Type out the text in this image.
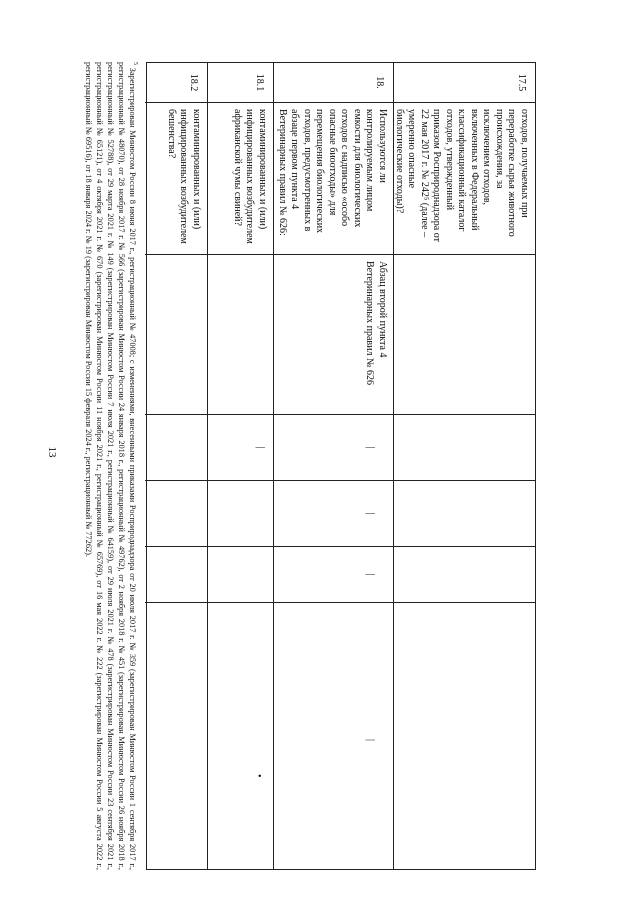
13
17.5
отходов, получаемых при переработке сырья животного происхождения, за исключением отходов, включенных в Федеральный классификационный каталог отходов, утвержденный приказом Росприроднадзора от 22 мая 2017 г. № 242⁵ (далее – умеренно опасные биологические отходы)?
18.
Используются ли контролируемым лицом емкости для биологических отходов с надписью «особо опасные биоотходы» для перемещения биологических отходов, предусмотренных в абзаце первом пункта 4 Ветеринарных правил № 626:
Абзац второй пункта 4 Ветеринарных правил № 626
|
|
|
|
18.1
контаминированных и (или) инфицированных возбудителем африканской чумы свиней?
|
•
18.2
контаминированных и (или) инфицированных возбудителем бешенства?
$^5$ Зарегистрирован Минюстом России 8 июня 2017 г., регистрационный № 47008; с изменениями, внесенными приказами Росприроднадзора от 20 июля 2017 г. № 359 (зарегистрирован Минюстом России 1 сентября 2017 г., регистрационный № 48070), от 28 ноября 2017 г. № 566 (зарегистрирован Минюстом России 24 января 2018 г., регистрационный № 49762), от 2 ноября 2018 г. № 451 (зарегистрирован Минюстом России 26 ноября 2018 г., регистрационный № 52788), от 29 марта 2021 г. № 149 (зарегистрирован Минюстом России 7 июля 2021 г., регистрационный № 64159), от 29 июля 2021 г. № 478 (зарегистрирован Минюстом России 23 сентября 2021 г., регистрационный № 65121), от 4 октября 2021 г. № 670 (зарегистрирован Минюстом России 11 ноября 2021 г., регистрационный № 65769), от 16 мая 2022 г. № 222 (зарегистрирован Минюстом России 5 августа 2022 г., регистрационный № 69516), от 18 января 2024 г. № 19 (зарегистрирован Минюстом России 15 февраля 2024 г., регистрационный № 77262).
